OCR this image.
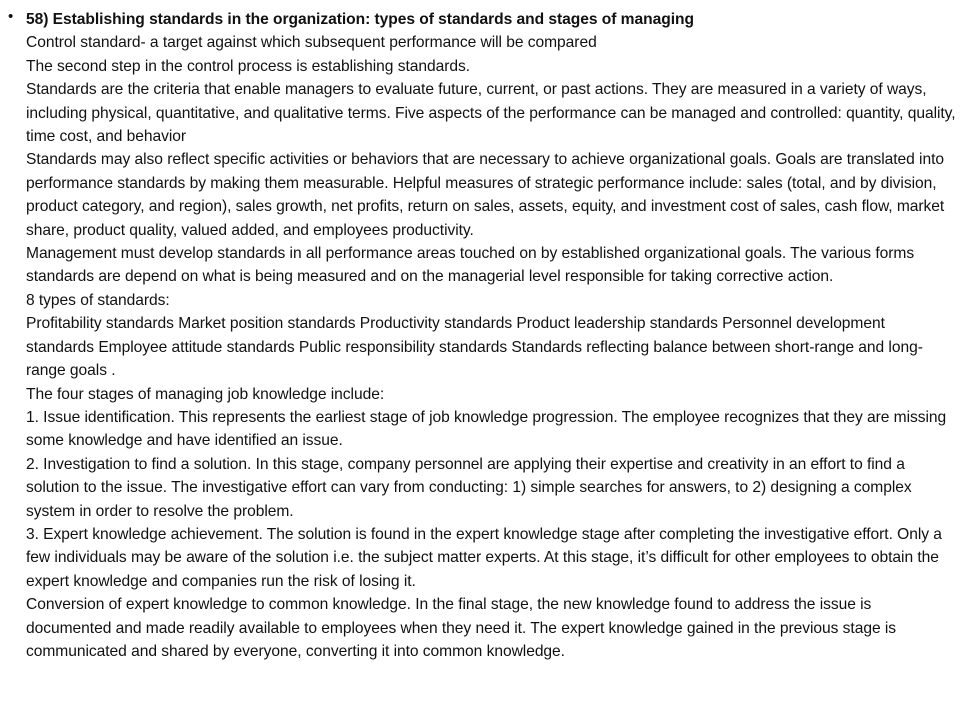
• 58) Establishing standards in the organization: types of standards and stages of managing

Control standard- a target against which subsequent performance will be compared

The second step in the control process is establishing standards.

Standards are the criteria that enable managers to evaluate future, current, or past actions. They are measured in a variety of ways, including physical, quantitative, and qualitative terms. Five aspects of the performance can be managed and controlled: quantity, quality, time cost, and behavior

Standards may also reflect specific activities or behaviors that are necessary to achieve organizational goals. Goals are translated into performance standards by making them measurable. Helpful measures of strategic performance include: sales (total, and by division, product category, and region), sales growth, net profits, return on sales, assets, equity, and investment cost of sales, cash flow, market share, product quality, valued added, and employees productivity.

Management must develop standards in all performance areas touched on by established organizational goals. The various forms standards are depend on what is being measured and on the managerial level responsible for taking corrective action.

8 types of standards:

Profitability standards Market position standards Productivity standards Product leadership standards Personnel development standards Employee attitude standards Public responsibility standards Standards reflecting balance between short-range and long-range goals .

The four stages of managing job knowledge include:

1. Issue identification. This represents the earliest stage of job knowledge progression. The employee recognizes that they are missing some knowledge and have identified an issue.

2. Investigation to find a solution. In this stage, company personnel are applying their expertise and creativity in an effort to find a solution to the issue. The investigative effort can vary from conducting: 1) simple searches for answers, to 2) designing a complex system in order to resolve the problem.

3. Expert knowledge achievement. The solution is found in the expert knowledge stage after completing the investigative effort. Only a few individuals may be aware of the solution i.e. the subject matter experts. At this stage, it’s difficult for other employees to obtain the expert knowledge and companies run the risk of losing it.

Conversion of expert knowledge to common knowledge. In the final stage, the new knowledge found to address the issue is documented and made readily available to employees when they need it. The expert knowledge gained in the previous stage is communicated and shared by everyone, converting it into common knowledge.
